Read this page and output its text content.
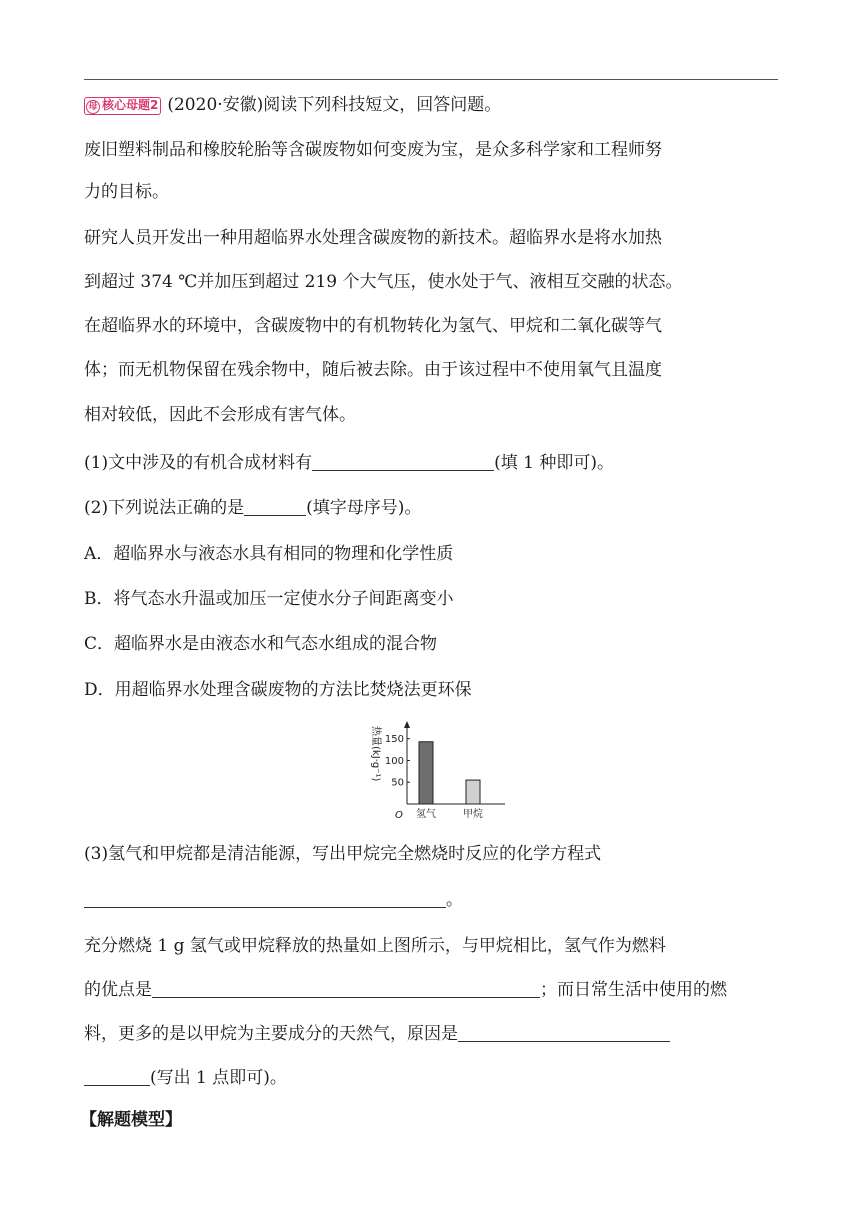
母 核心母题2 (2020·安徽)阅读下列科技短文，回答问题。
废旧塑料制品和橡胶轮胎等含碳废物如何变废为宝，是众多科学家和工程师努
力的目标。
研究人员开发出一种用超临界水处理含碳废物的新技术。超临界水是将水加热
到超过 374 ℃并加压到超过 219 个大气压，使水处于气、液相互交融的状态。
在超临界水的环境中，含碳废物中的有机物转化为氢气、甲烷和二氧化碳等气
体；而无机物保留在残余物中，随后被去除。由于该过程中不使用氧气且温度
相对较低，因此不会形成有害气体。
(1)文中涉及的有机合成材料有	(填 1 种即可)。
(2)下列说法正确的是	(填字母序号)。
A．超临界水与液态水具有相同的物理和化学性质
B．将气态水升温或加压一定使水分子间距离变小
C．超临界水是由液态水和气态水组成的混合物
D．用超临界水处理含碳废物的方法比焚烧法更环保
热量(kJ·g⁻¹)
O
50
100
150
氢气	甲烷
(3)氢气和甲烷都是清洁能源，写出甲烷完全燃烧时反应的化学方程式
。
充分燃烧 1 g 氢气或甲烷释放的热量如上图所示，与甲烷相比，氢气作为燃料
的优点是	；而日常生活中使用的燃
料，更多的是以甲烷为主要成分的天然气，原因是
(写出 1 点即可)。
【解题模型】
